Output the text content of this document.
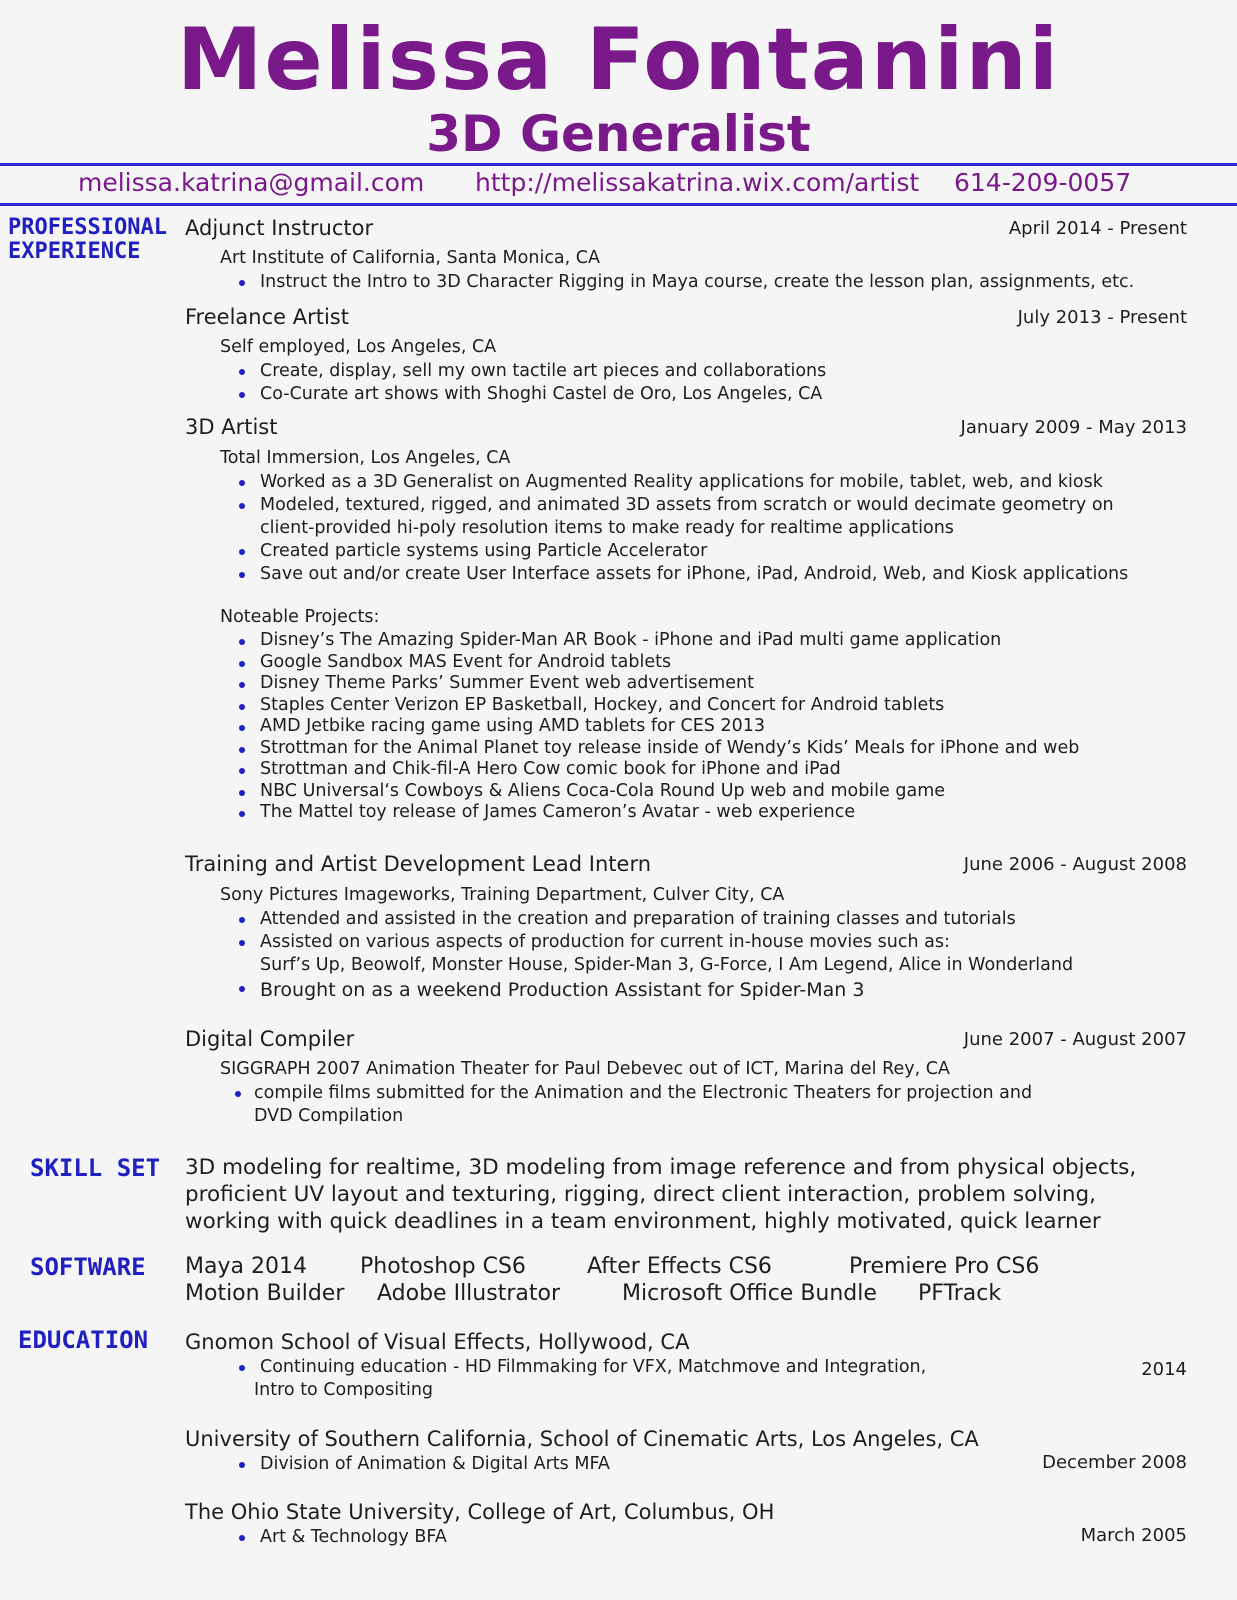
Melissa Fontanini
3D Generalist
melissa.katrina@gmail.com http://melissakatrina.wix.com/artist 614-209-0057
PROFESSIONAL
EXPERIENCE
Adjunct Instructor	April 2014 - Present
Art Institute of California, Santa Monica, CA
Instruct the Intro to 3D Character Rigging in Maya course, create the lesson plan, assignments, etc.
Freelance Artist	July 2013 - Present
Self employed, Los Angeles, CA
Create, display, sell my own tactile art pieces and collaborations
Co-Curate art shows with Shoghi Castel de Oro, Los Angeles, CA
3D Artist	January 2009 - May 2013
Total Immersion, Los Angeles, CA
Worked as a 3D Generalist on Augmented Reality applications for mobile, tablet, web, and kiosk
Modeled, textured, rigged, and animated 3D assets from scratch or would decimate geometry on
client-provided hi-poly resolution items to make ready for realtime applications
Created particle systems using Particle Accelerator
Save out and/or create User Interface assets for iPhone, iPad, Android, Web, and Kiosk applications
Noteable Projects:
Disney’s The Amazing Spider-Man AR Book - iPhone and iPad multi game application
Google Sandbox MAS Event for Android tablets
Disney Theme Parks’ Summer Event web advertisement
Staples Center Verizon EP Basketball, Hockey, and Concert for Android tablets
AMD Jetbike racing game using AMD tablets for CES 2013
Strottman for the Animal Planet toy release inside of Wendy’s Kids’ Meals for iPhone and web
Strottman and Chik-fil-A Hero Cow comic book for iPhone and iPad
NBC Universal‘s Cowboys & Aliens Coca-Cola Round Up web and mobile game
The Mattel toy release of James Cameron’s Avatar - web experience
Training and Artist Development Lead Intern	June 2006 - August 2008
Sony Pictures Imageworks, Training Department, Culver City, CA
Attended and assisted in the creation and preparation of training classes and tutorials
Assisted on various aspects of production for current in-house movies such as:
Surf’s Up, Beowolf, Monster House, Spider-Man 3, G-Force, I Am Legend, Alice in Wonderland
Brought on as a weekend Production Assistant for Spider-Man 3
Digital Compiler	June 2007 - August 2007
SIGGRAPH 2007 Animation Theater for Paul Debevec out of ICT, Marina del Rey, CA
compile films submitted for the Animation and the Electronic Theaters for projection and
DVD Compilation
SKILL SET 3D modeling for realtime, 3D modeling from image reference and from physical objects,
proficient UV layout and texturing, rigging, direct client interaction, problem solving,
working with quick deadlines in a team environment, highly motivated, quick learner
SOFTWARE Maya 2014 Photoshop CS6	After Effects CS6	Premiere Pro CS6
Motion Builder Adobe Illustrator	Microsoft Office Bundle PFTrack
EDUCATION Gnomon School of Visual Effects, Hollywood, CA
Continuing education - HD Filmmaking for VFX, Matchmove and Integration,
Intro to Compositing
2014
University of Southern California, School of Cinematic Arts, Los Angeles, CA
Division of Animation & Digital Arts MFA	December 2008
The Ohio State University, College of Art, Columbus, OH
Art & Technology BFA	March 2005
